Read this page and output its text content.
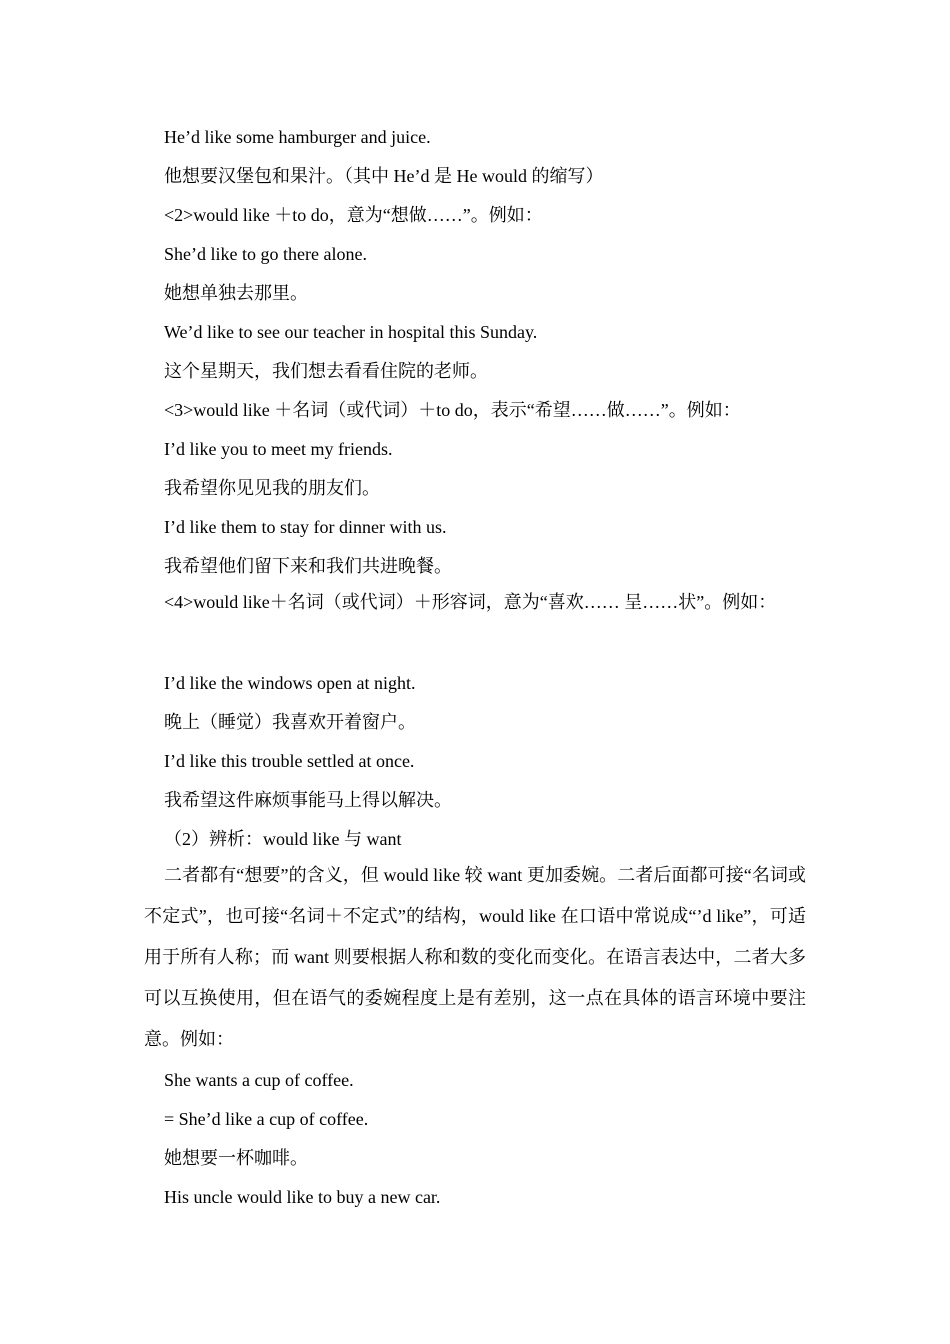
He’d like some hamburger and juice.
他想要汉堡包和果汁。（其中 He’d 是 He would 的缩写）
<2>would like ＋to do，意为“想做……”。例如：
She’d like to go there alone.
她想单独去那里。
We’d like to see our teacher in hospital this Sunday.
这个星期天，我们想去看看住院的老师。
<3>would like ＋名词（或代词）＋to do，表示“希望……做……”。例如：
I’d like you to meet my friends.
我希望你见见我的朋友们。
I’d like them to stay for dinner with us.
我希望他们留下来和我们共进晚餐。
<4>would like＋名词（或代词）＋形容词，意为“喜欢…… 呈……状”。例如：
I’d like the windows open at night.
晚上（睡觉）我喜欢开着窗户。
I’d like this trouble settled at once.
我希望这件麻烦事能马上得以解决。
（2）辨析：would like 与 want
二者都有“想要”的含义，但 would like 较 want 更加委婉。二者后面都可接“名词或不定式”，也可接“名词＋不定式”的结构，would like 在口语中常说成“’d like”，可适用于所有人称；而 want 则要根据人称和数的变化而变化。在语言表达中，二者大多可以互换使用，但在语气的委婉程度上是有差别，这一点在具体的语言环境中要注意。例如：
She wants a cup of coffee.
= She’d like a cup of coffee.
她想要一杯咖啡。
His uncle would like to buy a new car.
